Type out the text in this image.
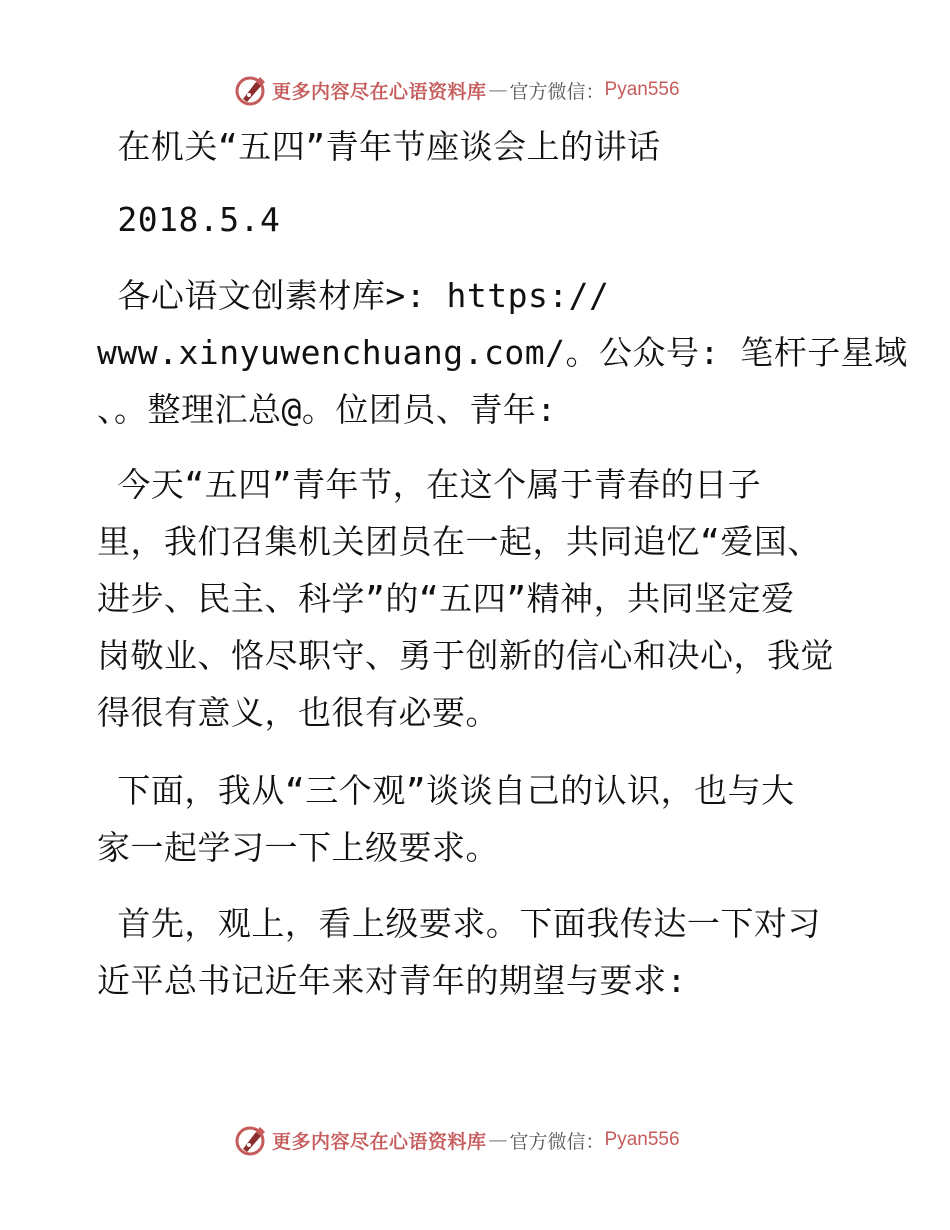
更多内容尽在心语资料库 — 官方微信： Pyan556
在机关“五四”青年节座谈会上的讲话
2018.5.4
各心语文创素材库>: https://
www.xinyuwenchuang.com/。公众号: 笔杆子星域
、。整理汇总@。位团员、青年:
今天“五四”青年节，在这个属于青春的日子
里，我们召集机关团员在一起，共同追忆“爱国、
进步、民主、科学”的“五四”精神，共同坚定爱
岗敬业、恪尽职守、勇于创新的信心和决心，我觉
得很有意义，也很有必要。
下面，我从“三个观”谈谈自己的认识，也与大
家一起学习一下上级要求。
首先，观上，看上级要求。下面我传达一下对习
近平总书记近年来对青年的期望与要求:
更多内容尽在心语资料库 — 官方微信： Pyan556
